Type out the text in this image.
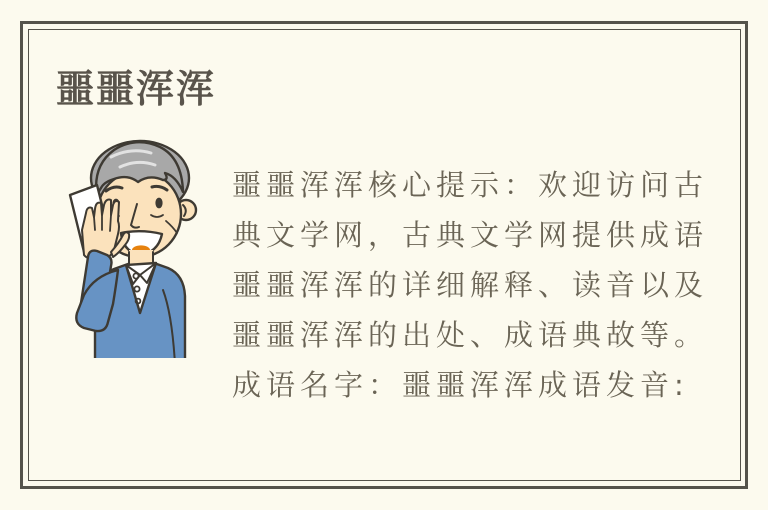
噩噩浑浑
噩噩浑浑核心提示：欢迎访问古
典文学网，古典文学网提供成语
噩噩浑浑的详细解释、读音以及
噩噩浑浑的出处、成语典故等。
成语名字：噩噩浑浑成语发音:
